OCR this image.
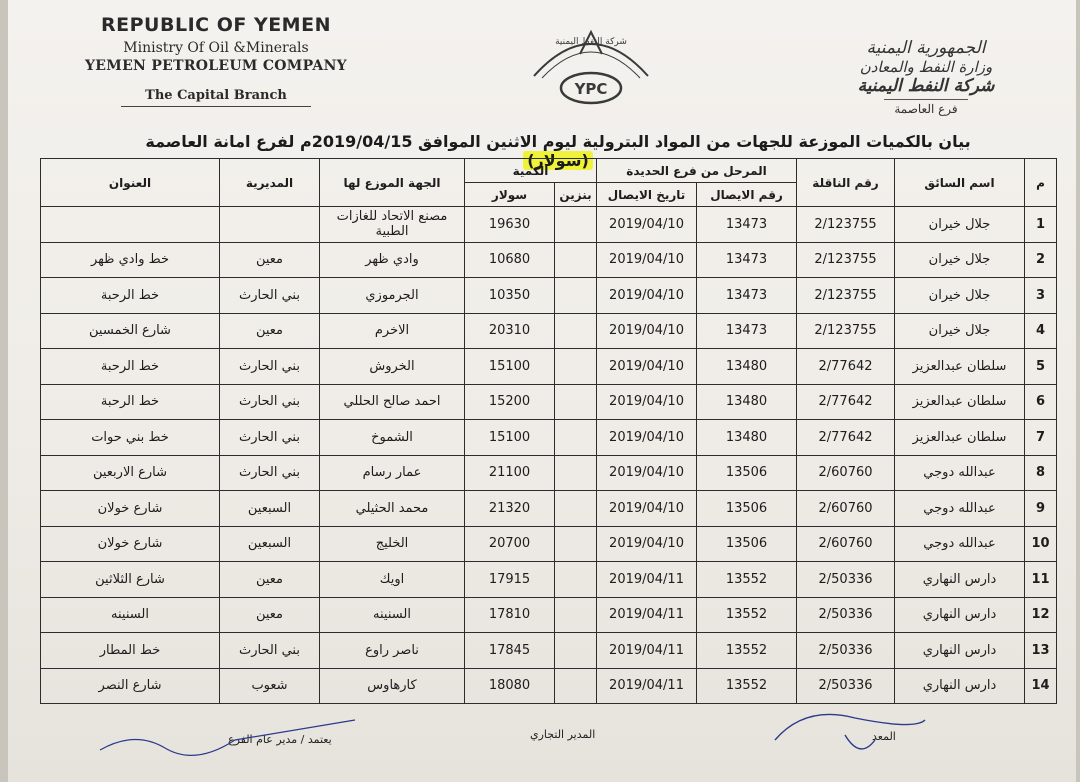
REPUBLIC OF YEMEN
Ministry Of Oil &Minerals
YEMEN PETROLEUM COMPANY
The Capital Branch
شركة النفط اليمنية
YPC
الجمهورية اليمنية
وزارة النفط والمعادن
شركة النفط اليمنية
فرع العاصمة
بيان بالكميات الموزعة للجهات من المواد البترولية ليوم الاثنين الموافق 2019/04/15م لفرع امانة العاصمة (سولار)
م	اسم السائق	رقم الناقلة	المرحل من فرع الحديدة		الكمية		الجهة الموزع لها	المديرية	العنوان
			رقم الايصال	تاريخ الايصال	بنزين	سولار			
1	جلال خيران	2/123755	13473	2019/04/10		19630	مصنع الاتحاد للغازات الطبية		
2	جلال خيران	2/123755	13473	2019/04/10		10680	وادي ظهر	معين	خط وادي ظهر
3	جلال خيران	2/123755	13473	2019/04/10		10350	الجرموزي	بني الحارث	خط الرحبة
4	جلال خيران	2/123755	13473	2019/04/10		20310	الاخرم	معين	شارع الخمسين
5	سلطان عبدالعزيز	2/77642	13480	2019/04/10		15100	الخروش	بني الحارث	خط الرحبة
6	سلطان عبدالعزيز	2/77642	13480	2019/04/10		15200	احمد صالح الحللي	بني الحارث	خط الرحبة
7	سلطان عبدالعزيز	2/77642	13480	2019/04/10		15100	الشموخ	بني الحارث	خط بني حوات
8	عبدالله دوجي	2/60760	13506	2019/04/10		21100	عمار رسام	بني الحارث	شارع الاربعين
9	عبدالله دوجي	2/60760	13506	2019/04/10		21320	محمد الحثيلي	السبعين	شارع خولان
10	عبدالله دوجي	2/60760	13506	2019/04/10		20700	الخليج	السبعين	شارع خولان
11	دارس النهاري	2/50336	13552	2019/04/11		17915	اويك	معين	شارع الثلاثين
12	دارس النهاري	2/50336	13552	2019/04/11		17810	السنينه	معين	السنينه
13	دارس النهاري	2/50336	13552	2019/04/11		17845	ناصر راوع	بني الحارث	خط المطار
14	دارس النهاري	2/50336	13552	2019/04/11		18080	كارهاوس	شعوب	شارع النصر
يعتمد / مدير عام الفرع	المدير التجاري	المعد
